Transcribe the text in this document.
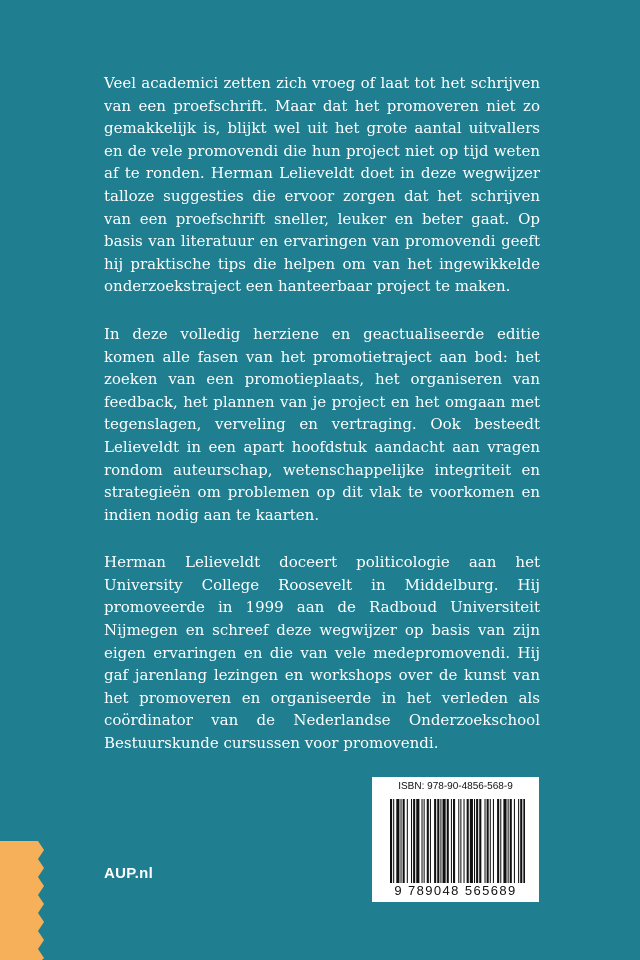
Veel academici zetten zich vroeg of laat tot het schrijven van een proefschrift. Maar dat het promoveren niet zo gemakkelijk is, blijkt wel uit het grote aantal uitvallers en de vele promovendi die hun project niet op tijd weten af te ronden. Herman Lelieveldt doet in deze wegwijzer talloze suggesties die ervoor zorgen dat het schrijven van een proefschrift sneller, leuker en beter gaat. Op basis van literatuur en ervaringen van promovendi geeft hij praktische tips die helpen om van het ingewikkelde onderzoekstraject een hanteerbaar project te maken.

In deze volledig herziene en geactualiseerde editie komen alle fasen van het promotietraject aan bod: het zoeken van een promotieplaats, het organiseren van feedback, het plannen van je project en het omgaan met tegenslagen, verveling en vertraging. Ook besteedt Lelieveldt in een apart hoofdstuk aandacht aan vragen rondom auteurschap, wetenschappelijke integriteit en strategieën om problemen op dit vlak te voorkomen en indien nodig aan te kaarten.

Herman Lelieveldt doceert politicologie aan het University College Roosevelt in Middelburg. Hij promoveerde in 1999 aan de Radboud Universiteit Nijmegen en schreef deze wegwijzer op basis van zijn eigen ervaringen en die van vele medepromovendi. Hij gaf jarenlang lezingen en workshops over de kunst van het promoveren en organiseerde in het verleden als coördinator van de Nederlandse Onderzoekschool Bestuurskunde cursussen voor promovendi.

AUP.nl
ISBN: 978-90-4856-568-9
9 789048 565689
